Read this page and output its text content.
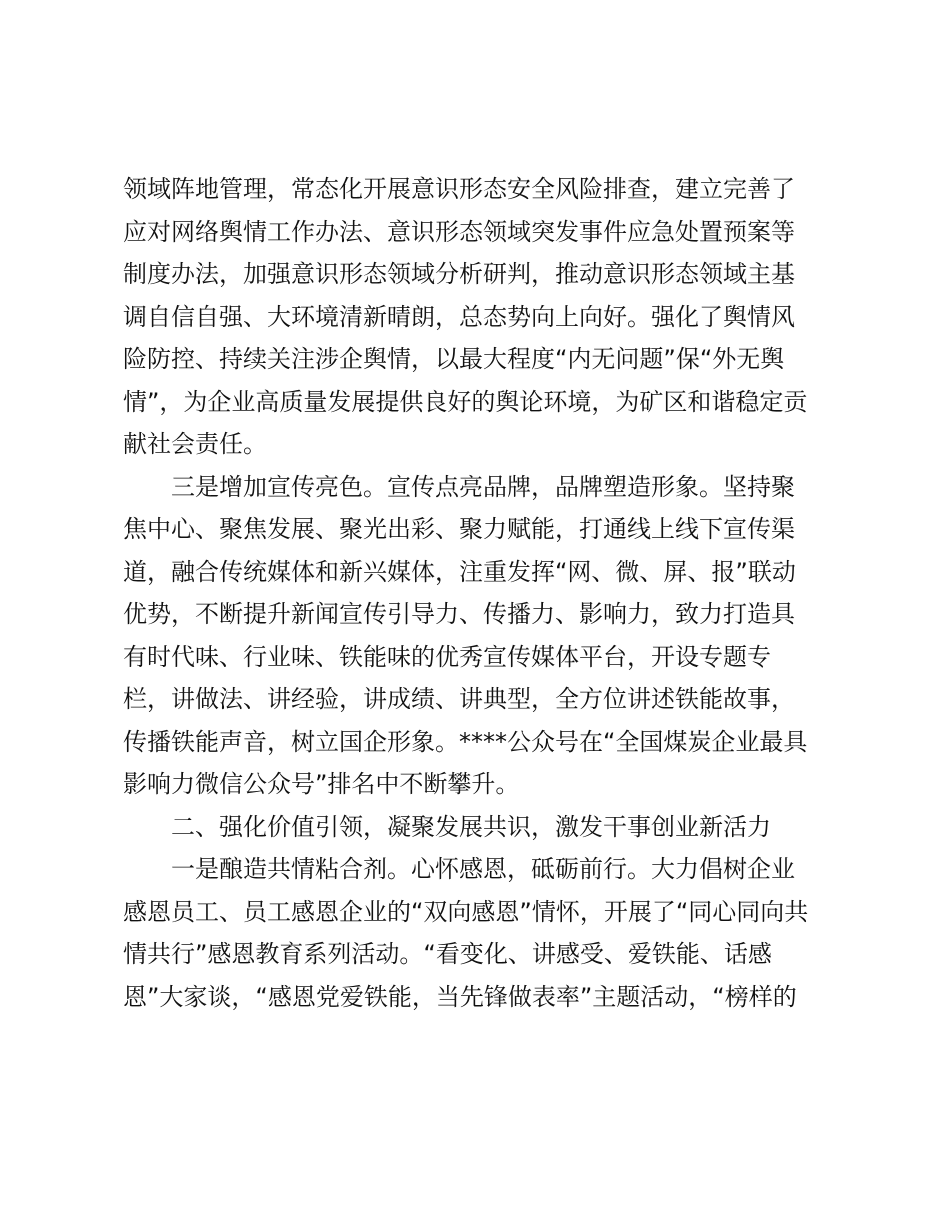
领域阵地管理，常态化开展意识形态安全风险排查，建立完善了
应对网络舆情工作办法、意识形态领域突发事件应急处置预案等
制度办法，加强意识形态领域分析研判，推动意识形态领域主基
调自信自强、大环境清新晴朗，总态势向上向好。强化了舆情风
险防控、持续关注涉企舆情，以最大程度“内无问题”保“外无舆
情”，为企业高质量发展提供良好的舆论环境，为矿区和谐稳定贡
献社会责任。
三是增加宣传亮色。宣传点亮品牌，品牌塑造形象。坚持聚
焦中心、聚焦发展、聚光出彩、聚力赋能，打通线上线下宣传渠
道，融合传统媒体和新兴媒体，注重发挥“网、微、屏、报”联动
优势，不断提升新闻宣传引导力、传播力、影响力，致力打造具
有时代味、行业味、铁能味的优秀宣传媒体平台，开设专题专
栏，讲做法、讲经验，讲成绩、讲典型，全方位讲述铁能故事，
传播铁能声音，树立国企形象。****公众号在“全国煤炭企业最具
影响力微信公众号”排名中不断攀升。
二、强化价值引领，凝聚发展共识，激发干事创业新活力
一是酿造共情粘合剂。心怀感恩，砥砺前行。大力倡树企业
感恩员工、员工感恩企业的“双向感恩”情怀，开展了“同心同向共
情共行”感恩教育系列活动。“看变化、讲感受、爱铁能、话感
恩”大家谈，“感恩党爱铁能，当先锋做表率”主题活动，“榜样的
